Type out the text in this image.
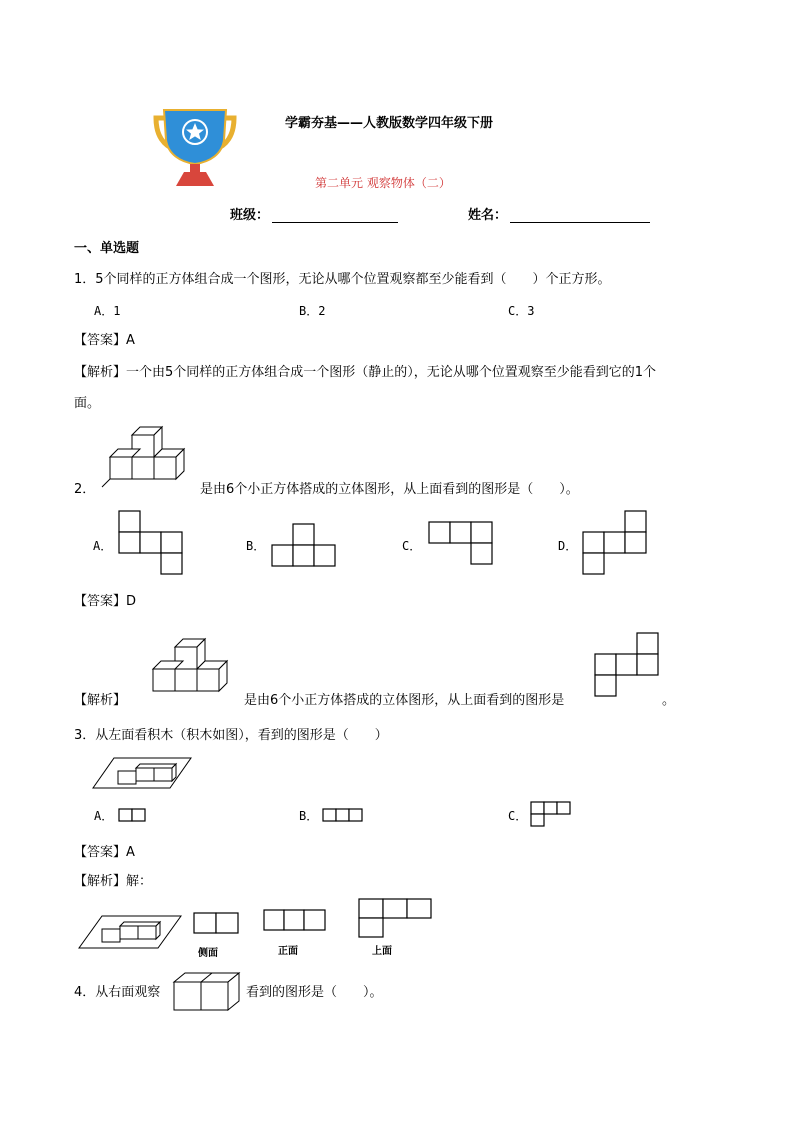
学霸夯基——人教版数学四年级下册
第二单元 观察物体（二）
班级：	姓名：
一、单选题
1．5个同样的正方体组合成一个图形，无论从哪个位置观察都至少能看到（　　）个正方形。
A．1	B．2	C．3
【答案】A
【解析】一个由5个同样的正方体组合成一个图形（静止的），无论从哪个位置观察至少能看到它的1个
面。
2．	是由6个小正方体搭成的立体图形，从上面看到的图形是（　　）。
A．	B．	C．	D．
【答案】D
【解析】	是由6个小正方体搭成的立体图形，从上面看到的图形是	。
3．从左面看积木（积木如图），看到的图形是（　　）
A．	B．	C．
【答案】A
【解析】解：
侧面	正面	上面
4．从右面观察	看到的图形是（　　）。
